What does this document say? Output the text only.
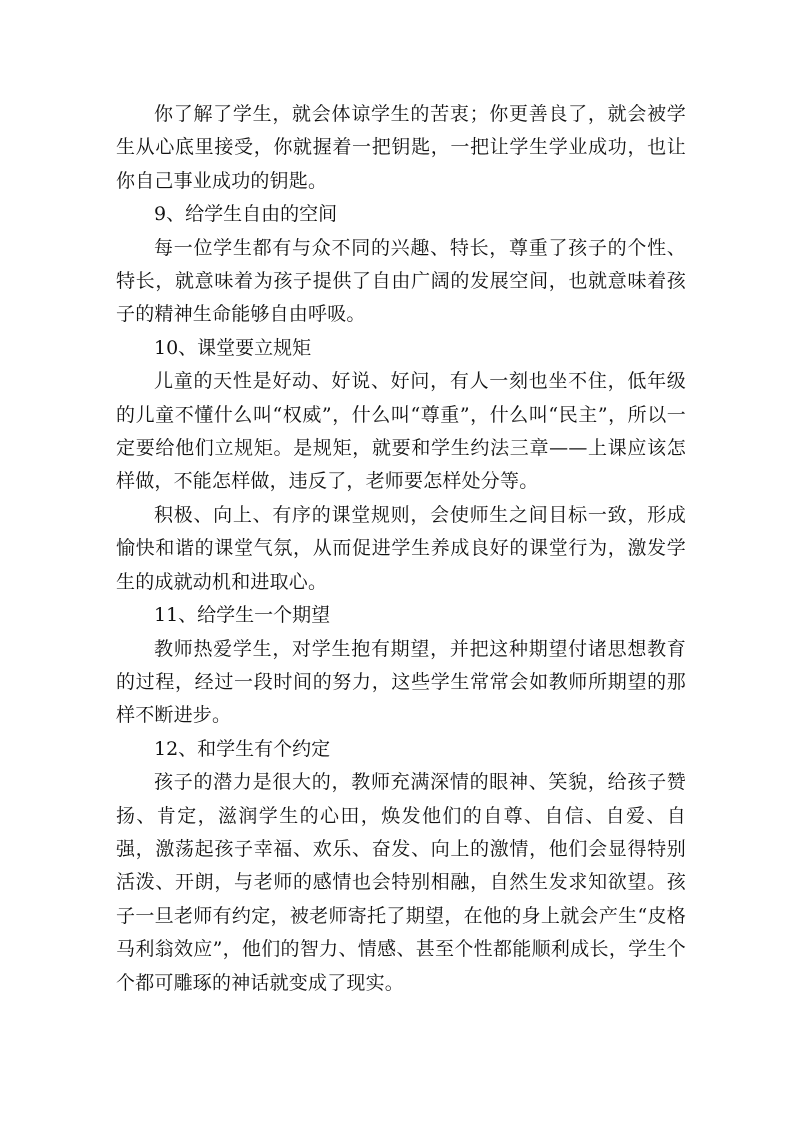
你了解了学生，就会体谅学生的苦衷；你更善良了，就会被学生从心底里接受，你就握着一把钥匙，一把让学生学业成功，也让你自己事业成功的钥匙。

9、给学生自由的空间

每一位学生都有与众不同的兴趣、特长，尊重了孩子的个性、特长，就意味着为孩子提供了自由广阔的发展空间，也就意味着孩子的精神生命能够自由呼吸。

10、课堂要立规矩

儿童的天性是好动、好说、好问，有人一刻也坐不住，低年级的儿童不懂什么叫“权威”，什么叫“尊重”，什么叫“民主”，所以一定要给他们立规矩。是规矩，就要和学生约法三章——上课应该怎样做，不能怎样做，违反了，老师要怎样处分等。

积极、向上、有序的课堂规则，会使师生之间目标一致，形成愉快和谐的课堂气氛，从而促进学生养成良好的课堂行为，激发学生的成就动机和进取心。

11、给学生一个期望

教师热爱学生，对学生抱有期望，并把这种期望付诸思想教育的过程，经过一段时间的努力，这些学生常常会如教师所期望的那样不断进步。

12、和学生有个约定

孩子的潜力是很大的，教师充满深情的眼神、笑貌，给孩子赞扬、肯定，滋润学生的心田，焕发他们的自尊、自信、自爱、自强，激荡起孩子幸福、欢乐、奋发、向上的激情，他们会显得特别活泼、开朗，与老师的感情也会特别相融，自然生发求知欲望。孩子一旦老师有约定，被老师寄托了期望，在他的身上就会产生“皮格马利翁效应”，他们的智力、情感、甚至个性都能顺利成长，学生个个都可雕琢的神话就变成了现实。
